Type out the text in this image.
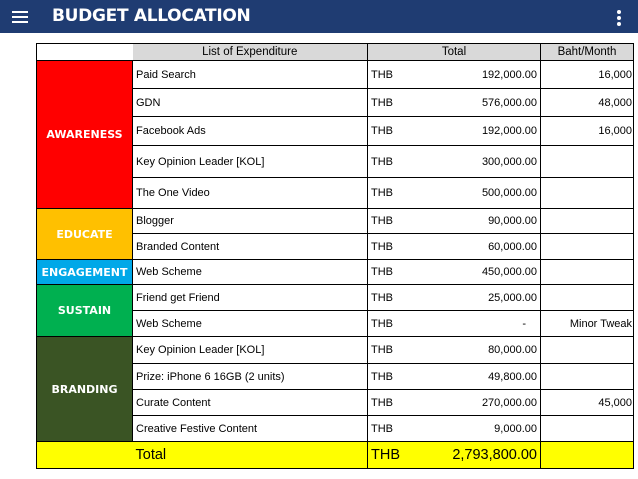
BUDGET ALLOCATION
	List of Expenditure	Total		Baht/Month
AWARENESS	Paid Search	THB	192,000.00	16,000
	GDN	THB	576,000.00	48,000
	Facebook Ads	THB	192,000.00	16,000
	Key Opinion Leader [KOL]	THB	300,000.00	
	The One Video	THB	500,000.00	
EDUCATE	Blogger	THB	90,000.00	
	Branded Content	THB	60,000.00	
ENGAGEMENT	Web Scheme	THB	450,000.00	
SUSTAIN	Friend get Friend	THB	25,000.00	
	Web Scheme	THB	-	Minor Tweak
BRANDING	Key Opinion Leader [KOL]	THB	80,000.00	
	Prize: iPhone 6 16GB (2 units)	THB	49,800.00	
	Curate Content	THB	270,000.00	45,000
	Creative Festive Content	THB	9,000.00	
	Total	THB	2,793,800.00	
